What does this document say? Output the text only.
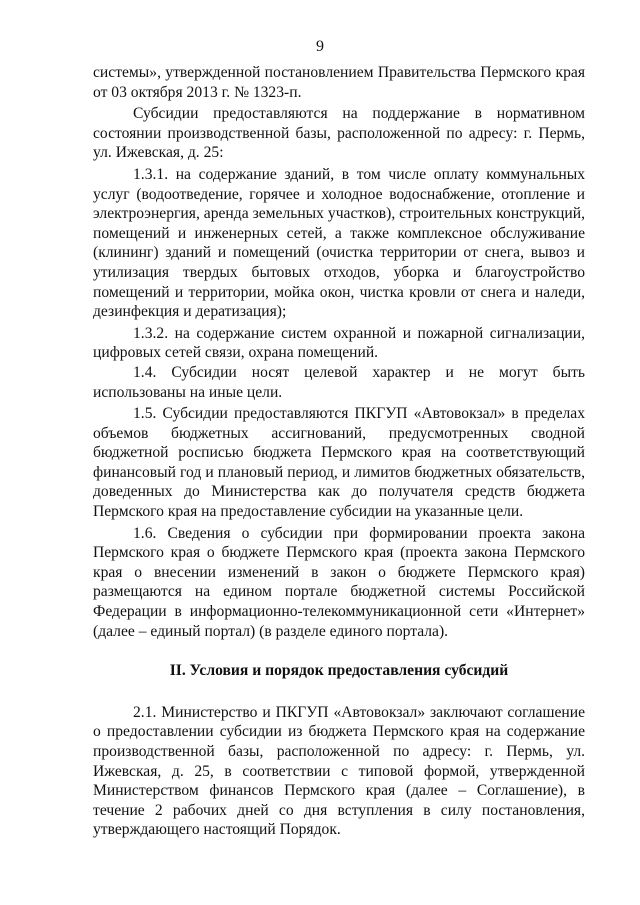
9

системы», утвержденной постановлением Правительства Пермского края от 03 октября 2013 г. № 1323-п.

Субсидии предоставляются на поддержание в нормативном состоянии производственной базы, расположенной по адресу: г. Пермь, ул. Ижевская, д. 25:

1.3.1. на содержание зданий, в том числе оплату коммунальных услуг (водоотведение, горячее и холодное водоснабжение, отопление и электроэнергия, аренда земельных участков), строительных конструкций, помещений и инженерных сетей, а также комплексное обслуживание (клининг) зданий и помещений (очистка территории от снега, вывоз и утилизация твердых бытовых отходов, уборка и благоустройство помещений и территории, мойка окон, чистка кровли от снега и наледи, дезинфекция и дератизация);

1.3.2. на содержание систем охранной и пожарной сигнализации, цифровых сетей связи, охрана помещений.

1.4. Субсидии носят целевой характер и не могут быть использованы на иные цели.

1.5. Субсидии предоставляются ПКГУП «Автовокзал» в пределах объемов бюджетных ассигнований, предусмотренных сводной бюджетной росписью бюджета Пермского края на соответствующий финансовый год и плановый период, и лимитов бюджетных обязательств, доведенных до Министерства как до получателя средств бюджета Пермского края на предоставление субсидии на указанные цели.

1.6. Сведения о субсидии при формировании проекта закона Пермского края о бюджете Пермского края (проекта закона Пермского края о внесении изменений в закон о бюджете Пермского края) размещаются на едином портале бюджетной системы Российской Федерации в информационно-телекоммуникационной сети «Интернет» (далее – единый портал) (в разделе единого портала).

II. Условия и порядок предоставления субсидий

2.1. Министерство и ПКГУП «Автовокзал» заключают соглашение о предоставлении субсидии из бюджета Пермского края на содержание производственной базы, расположенной по адресу: г. Пермь, ул. Ижевская, д. 25, в соответствии с типовой формой, утвержденной Министерством финансов Пермского края (далее – Соглашение), в течение 2 рабочих дней со дня вступления в силу постановления, утверждающего настоящий Порядок.
